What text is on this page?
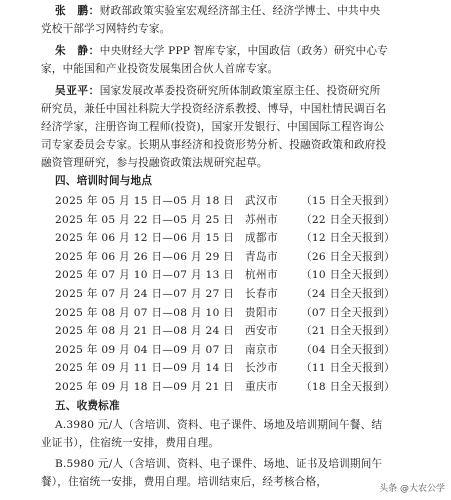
张　鹏：财政部政策实验室宏观经济部主任、经济学博士、中共中央
党校干部学习网特约专家。
朱　静：中央财经大学 PPP 智库专家，中国政信（政务）研究中心专
家，中能国和产业投资发展集团合伙人首席专家。
吴亚平：国家发展改革委投资研究所体制政策室原主任、投资研究所
研究员，兼任中国社科院大学投资经济系教授、博导，中国杜情民调百名
经济学家，注册咨询工程师(投资)，国家开发银行、中国国际工程咨询公
司专家委员会专家。长期从事经济和投资形势分析、投融资政策和政府投
融资管理研究，参与投融资政策法规研究起草。
四、培训时间与地点
2025 年 05 月 15 日—05 月 18 日 武汉市 （15 日全天报到）
2025 年 05 月 22 日—05 月 25 日 苏州市 （22 日全天报到）
2025 年 06 月 12 日—06 月 15 日 成都市 （12 日全天报到）
2025 年 06 月 26 日—06 月 29 日 青岛市 （26 日全天报到）
2025 年 07 月 10 日—07 月 13 日 杭州市 （10 日全天报到）
2025 年 07 月 24 日—07 月 27 日 长春市 （24 日全天报到）
2025 年 08 月 07 日—08 月 10 日 贵阳市 （07 日全天报到）
2025 年 08 月 21 日—08 月 24 日 西安市 （21 日全天报到）
2025 年 09 月 04 日—09 月 07 日 南京市 （04 日全天报到）
2025 年 09 月 11 日—09 月 14 日 长沙市 （11 日全天报到）
2025 年 09 月 18 日—09 月 21 日 重庆市 （18 日全天报到）
五、收费标准
A.3980 元/人（含培训、资料、电子课件、场地及培训期间午餐、结
业证书），住宿统一安排，费用自理。
B.5980 元/人（含培训、资料、电子课件、场地、证书及培训期间午
餐），住宿统一安排，费用自理。培训结束后，经考核合格，
头条 @大农公学
